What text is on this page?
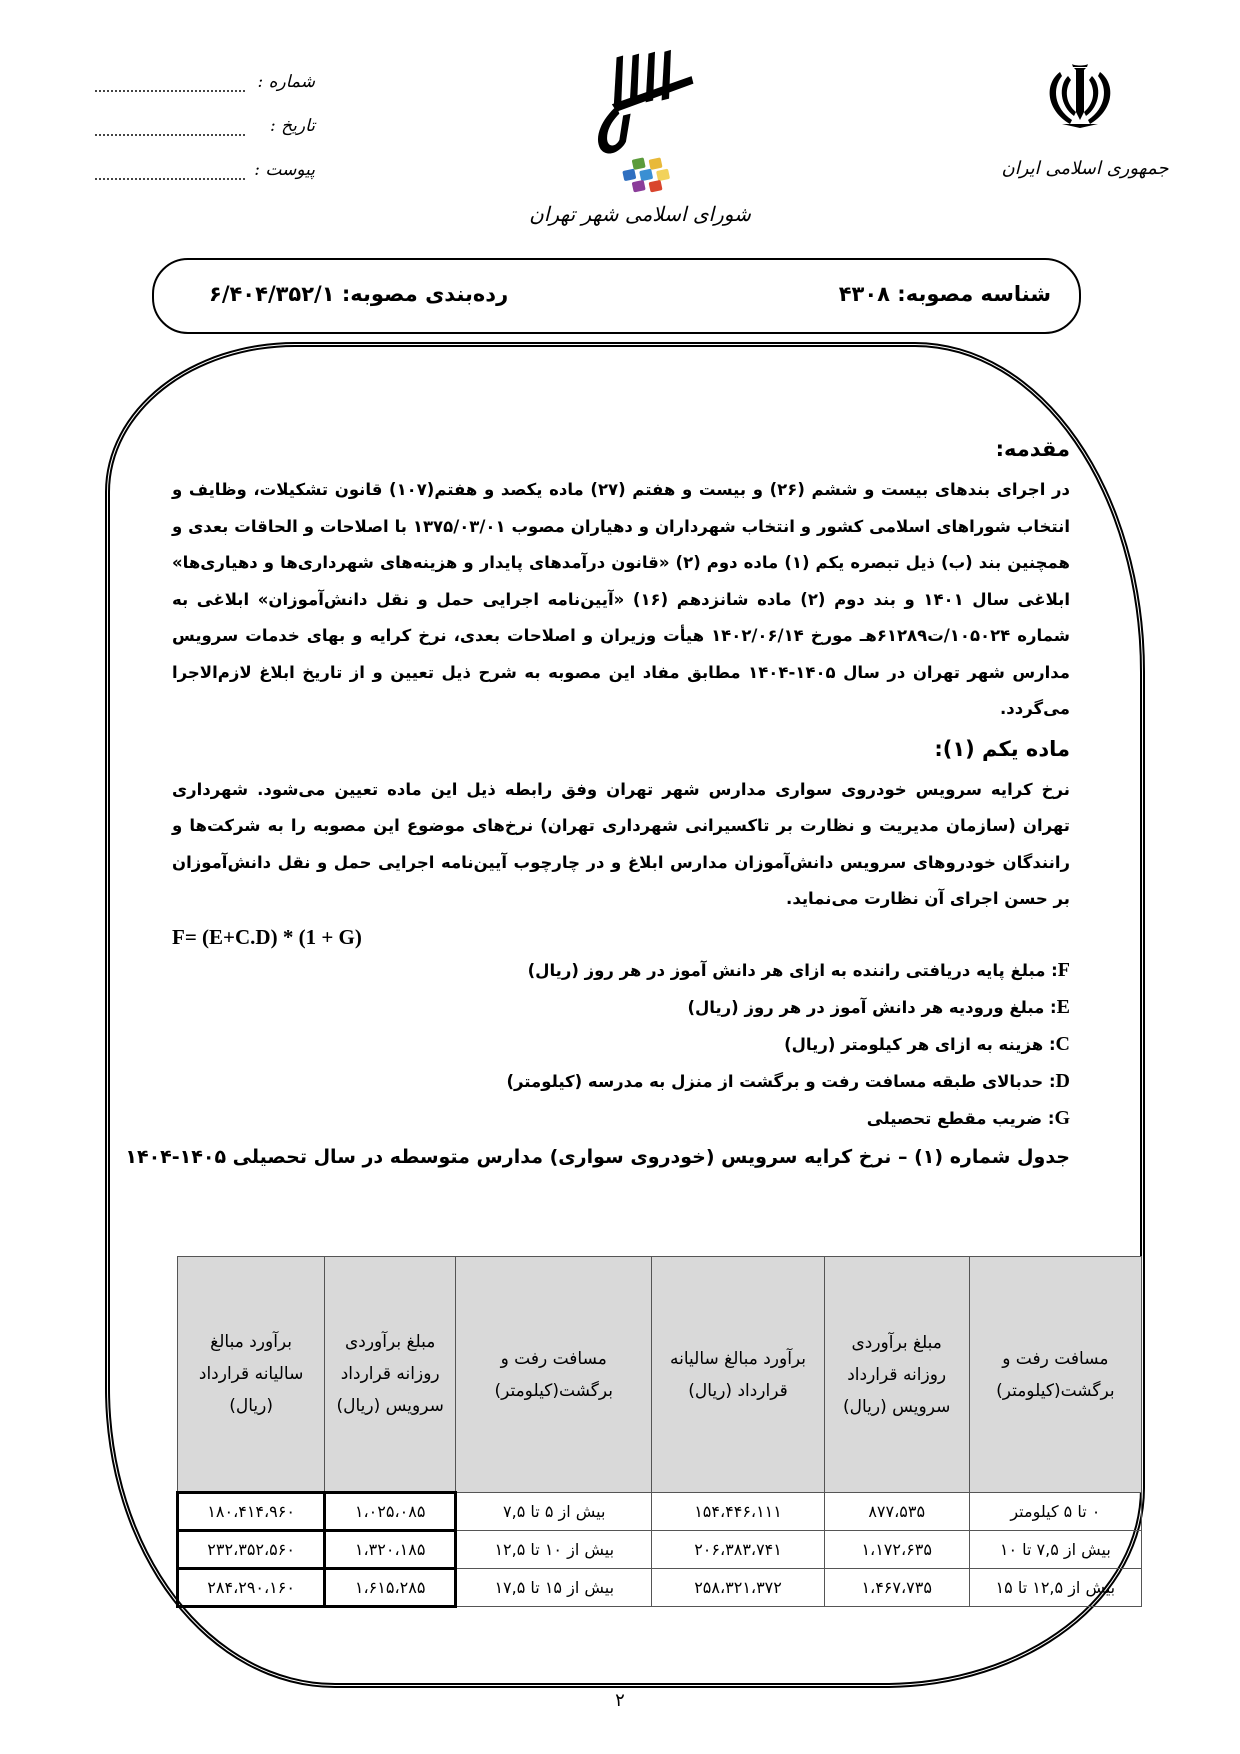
شماره :
تاریخ :
پیوست :
شورای اسلامی شهر تهران
جمهوری اسلامی ایران
شناسه مصوبه: ۴۳۰۸
رده‌بندی مصوبه: ۶/۴۰۴/۳۵۲/۱
مقدمه:
در اجرای بندهای بیست و ششم (۲۶) و بیست و هفتم (۲۷) ماده یکصد و هفتم(۱۰۷) قانون تشکیلات، وظایف و انتخاب شوراهای اسلامی کشور و انتخاب شهرداران و دهیاران مصوب ۱۳۷۵/۰۳/۰۱ با اصلاحات و الحاقات بعدی و همچنین بند (ب) ذیل تبصره یکم (۱) ماده دوم (۲) «قانون درآمدهای پایدار و هزینه‌های شهرداری‌ها و دهیاری‌ها» ابلاغی سال ۱۴۰۱ و بند دوم (۲) ماده شانزدهم (۱۶) «آیین‌نامه اجرایی حمل و نقل دانش‌آموزان» ابلاغی به شماره ۱۰۵۰۲۴/ت۶۱۲۸۹هـ مورخ ۱۴۰۲/۰۶/۱۴ هیأت وزیران و اصلاحات بعدی، نرخ کرایه و بهای خدمات سرویس مدارس شهر تهران در سال ۱۴۰۵-۱۴۰۴ مطابق مفاد این مصوبه به شرح ذیل تعیین و از تاریخ ابلاغ لازم‌الاجرا می‌گردد.
ماده یکم (۱):
نرخ کرایه سرویس خودروی سواری مدارس شهر تهران وفق رابطه ذیل این ماده تعیین می‌شود. شهرداری تهران (سازمان مدیریت و نظارت بر تاکسیرانی شهرداری تهران) نرخ‌های موضوع این مصوبه را به شرکت‌ها و رانندگان خودروهای سرویس دانش‌آموزان مدارس ابلاغ و در چارچوب آیین‌نامه اجرایی حمل و نقل دانش‌آموزان بر حسن اجرای آن نظارت می‌نماید.
F= (E+C.D) * (1 + G)
F: مبلغ پایه دریافتی راننده به ازای هر دانش آموز در هر روز (ریال)
E: مبلغ ورودیه هر دانش آموز در هر روز (ریال)
C: هزینه به ازای هر کیلومتر (ریال)
D: حدبالای طبقه مسافت رفت و برگشت از منزل به مدرسه (کیلومتر)
G: ضریب مقطع تحصیلی
جدول شماره (۱) – نرخ کرایه سرویس (خودروی سواری) مدارس متوسطه در سال تحصیلی ۱۴۰۵-۱۴۰۴
مسافت رفت و برگشت(کیلومتر)	مبلغ برآوردی روزانه قرارداد سرویس (ریال)	برآورد مبالغ سالیانه قرارداد (ریال)	مسافت رفت و برگشت(کیلومتر)	مبلغ برآوردی روزانه قرارداد سرویس (ریال)	برآورد مبالغ سالیانه قرارداد (ریال)
۰ تا ۵ کیلومتر	۸۷۷،۵۳۵	۱۵۴،۴۴۶،۱۱۱	بیش از ۵ تا ۷,۵	۱،۰۲۵،۰۸۵	۱۸۰،۴۱۴،۹۶۰
بیش از ۷,۵ تا ۱۰	۱،۱۷۲،۶۳۵	۲۰۶،۳۸۳،۷۴۱	بیش از ۱۰ تا ۱۲,۵	۱،۳۲۰،۱۸۵	۲۳۲،۳۵۲،۵۶۰
بیش از ۱۲,۵ تا ۱۵	۱،۴۶۷،۷۳۵	۲۵۸،۳۲۱،۳۷۲	بیش از ۱۵ تا ۱۷,۵	۱،۶۱۵،۲۸۵	۲۸۴،۲۹۰،۱۶۰
۲
